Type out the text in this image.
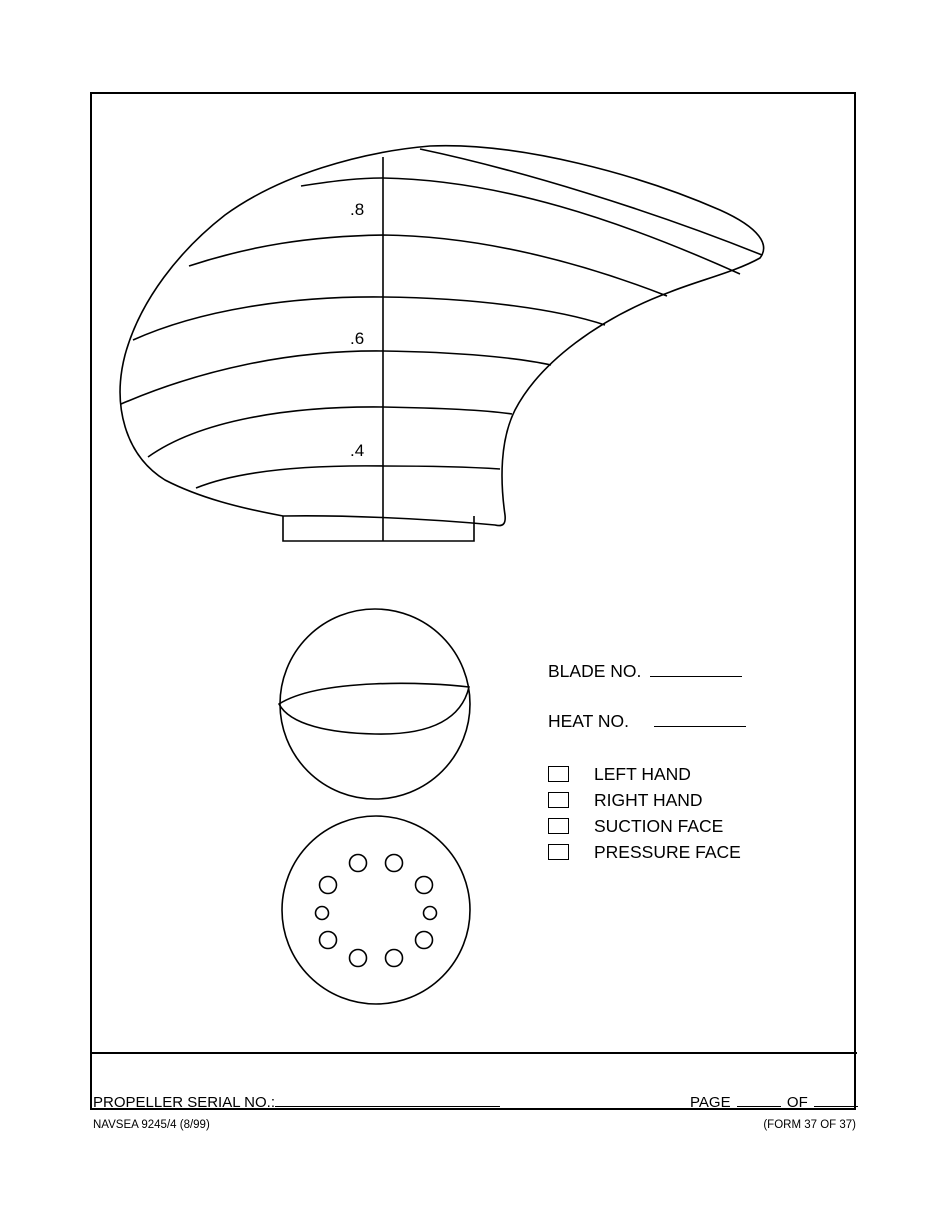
.8
.6
.4
BLADE NO.
HEAT NO.
LEFT HAND
RIGHT HAND
SUCTION FACE
PRESSURE FACE
PROPELLER SERIAL NO.:	PAGE	OF
NAVSEA 9245/4 (8/99)	(FORM 37 OF 37)
